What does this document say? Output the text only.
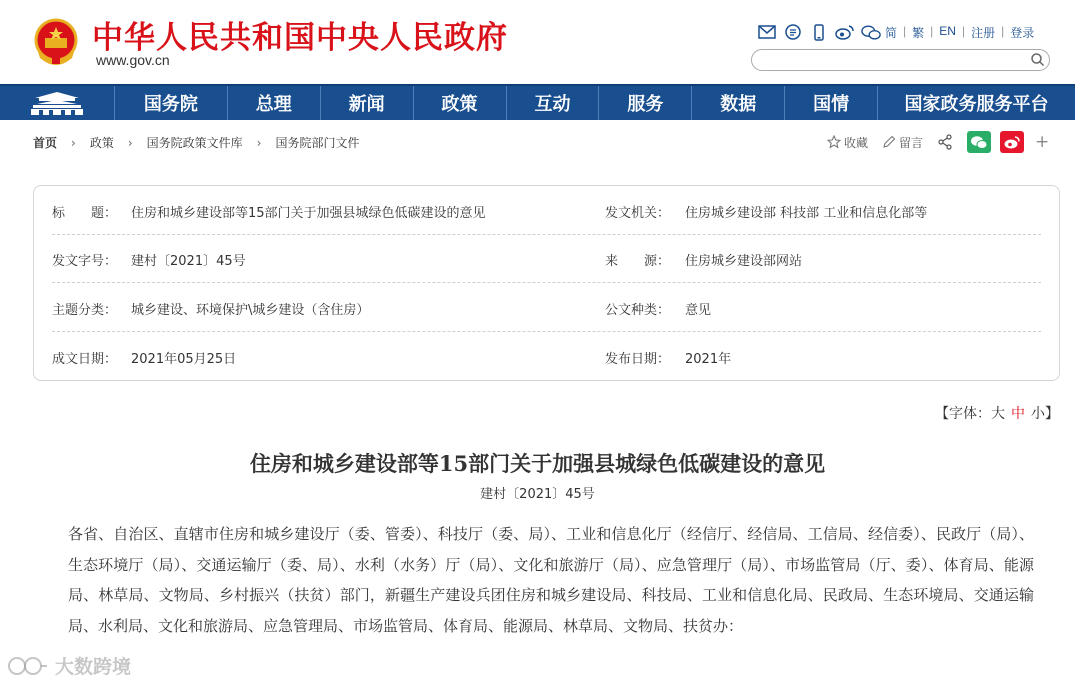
中华人民共和国中央人民政府
www.gov.cn
简 | 繁 | EN | 注册 | 登录
国务院	总理	新闻	政策	互动	服务	数据	国情	国家政务服务平台
首页 › 政策 › 国务院政策文件库 › 国务院部门文件	收藏	留言	+
标　　题： 住房和城乡建设部等15部门关于加强县城绿色低碳建设的意见	发文机关： 住房城乡建设部 科技部 工业和信息化部等
发文字号： 建村〔2021〕45号	来　　源： 住房城乡建设部网站
主题分类： 城乡建设、环境保护\城乡建设（含住房）	公文种类： 意见
成文日期： 2021年05月25日	发布日期： 2021年
【字体：大 中 小】
住房和城乡建设部等15部门关于加强县城绿色低碳建设的意见
建村〔2021〕45号
各省、自治区、直辖市住房和城乡建设厅（委、管委）、科技厅（委、局）、工业和信息化厅（经信厅、经信局、工信局、经信委）、民政厅（局）、生态环境厅（局）、交通运输厅（委、局）、水利（水务）厅（局）、文化和旅游厅（局）、应急管理厅（局）、市场监管局（厅、委）、体育局、能源局、林草局、文物局、乡村振兴（扶贫）部门，新疆生产建设兵团住房和城乡建设局、科技局、工业和信息化局、民政局、生态环境局、交通运输局、水利局、文化和旅游局、应急管理局、市场监管局、体育局、能源局、林草局、文物局、扶贫办：
大数跨境
